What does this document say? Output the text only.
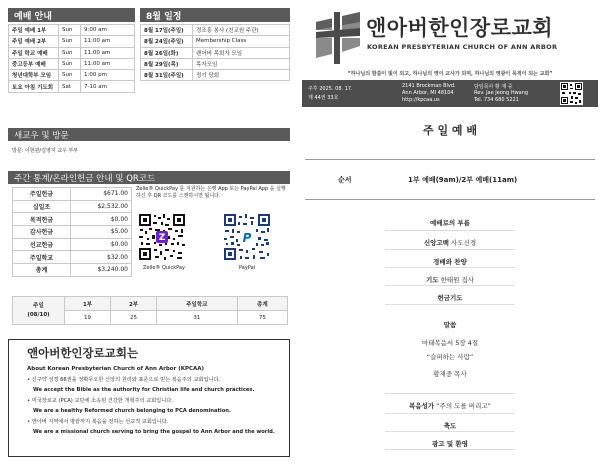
예배 안내
주일 예배 1부	Sun	9:00 am
주일 예배 2부	Sun	11:00 am
주일 학교 예배	Sun	11:00 am
중고등부 예배	Sun	11:00 am
청년대학부 모임	Sun	1:00 pm
토요 아침 기도회	Sat	7-10 am
8월 일정
8월 17일(주일)	경조흥 봉사 (친교원 주관)
8월 24일(주일)	Membership Class
8월 26일(화)	랜어버 목회자 모임
8월 29일(목)	목자모임
8월 31일(주일)	정기 당회
새교우 및 방문
방문: 이현관/김영지 교우 부부
주간 통계/온라인헌금 안내 및 QR코드
주일헌금	$671.00
십일조	$2,532.00
목적헌금	$0.00
감사헌금	$5.00
선교헌금	$0.00
주일학교	$32.00
총계	$3,240.00
Zelle® QuickPay 를 지원하는 은행 App 또는 PayPal App 을 실행하신 후 QR 코드를 스캔하시면 됩니다.
Z	P
Zelle® QuickPay	PayPal
주일
(08/10)	1부	2부	주일학교	총계
	19	25	31	75
앤아버한인장로교회는
About Korean Presbyterian Church of Ann Arbor (KPCAA)
• 신구약 성경 66권을 정확무오한 신앙의 원리와 표준으로 믿는 복음주의 교회입니다.
We accept the Bible as the authority for Christian life and church practices.
• 미국장로교 (PCA) 교단에 소속된 건강한 개혁주의 교회입니다.
We are a healthy Reformed church belonging to PCA denomination.
• 앤아버 지역에서 땅끝까지 복음을 전하는 선교적 교회입니다.
We are a missional church serving to bring the gospel to Ann Arbor and the world.
앤아버한인장로교회
KOREAN PRESBYTERIAN CHURCH OF ANN ARBOR
“하나님의 말씀이 빛이 되고, 하나님의 영이 교사가 되며, 하나님의 영광이 목적이 되는 교회”
주후 2025. 08. 17.
제 44권 33호
2141 Brockman Blvd.
Ann Arbor, MI 48104
http://kpcaa.us
담임목사 황 재 중
Rev. Jae Jeong Hwang
Tel. 734 680 5221
주 일 예 배
순서	1부 예배(9am)/2부 예배(11am)
예배로의 부름
신앙고백 사도신경
경배와 찬양
기도 한태원 집사
헌금기도
말씀
마태복음서 5장 4절
“슬퍼하는 사람”
황재중 목사
복음성가 “주의 도를 버리고”
축도
광고 및 환영
